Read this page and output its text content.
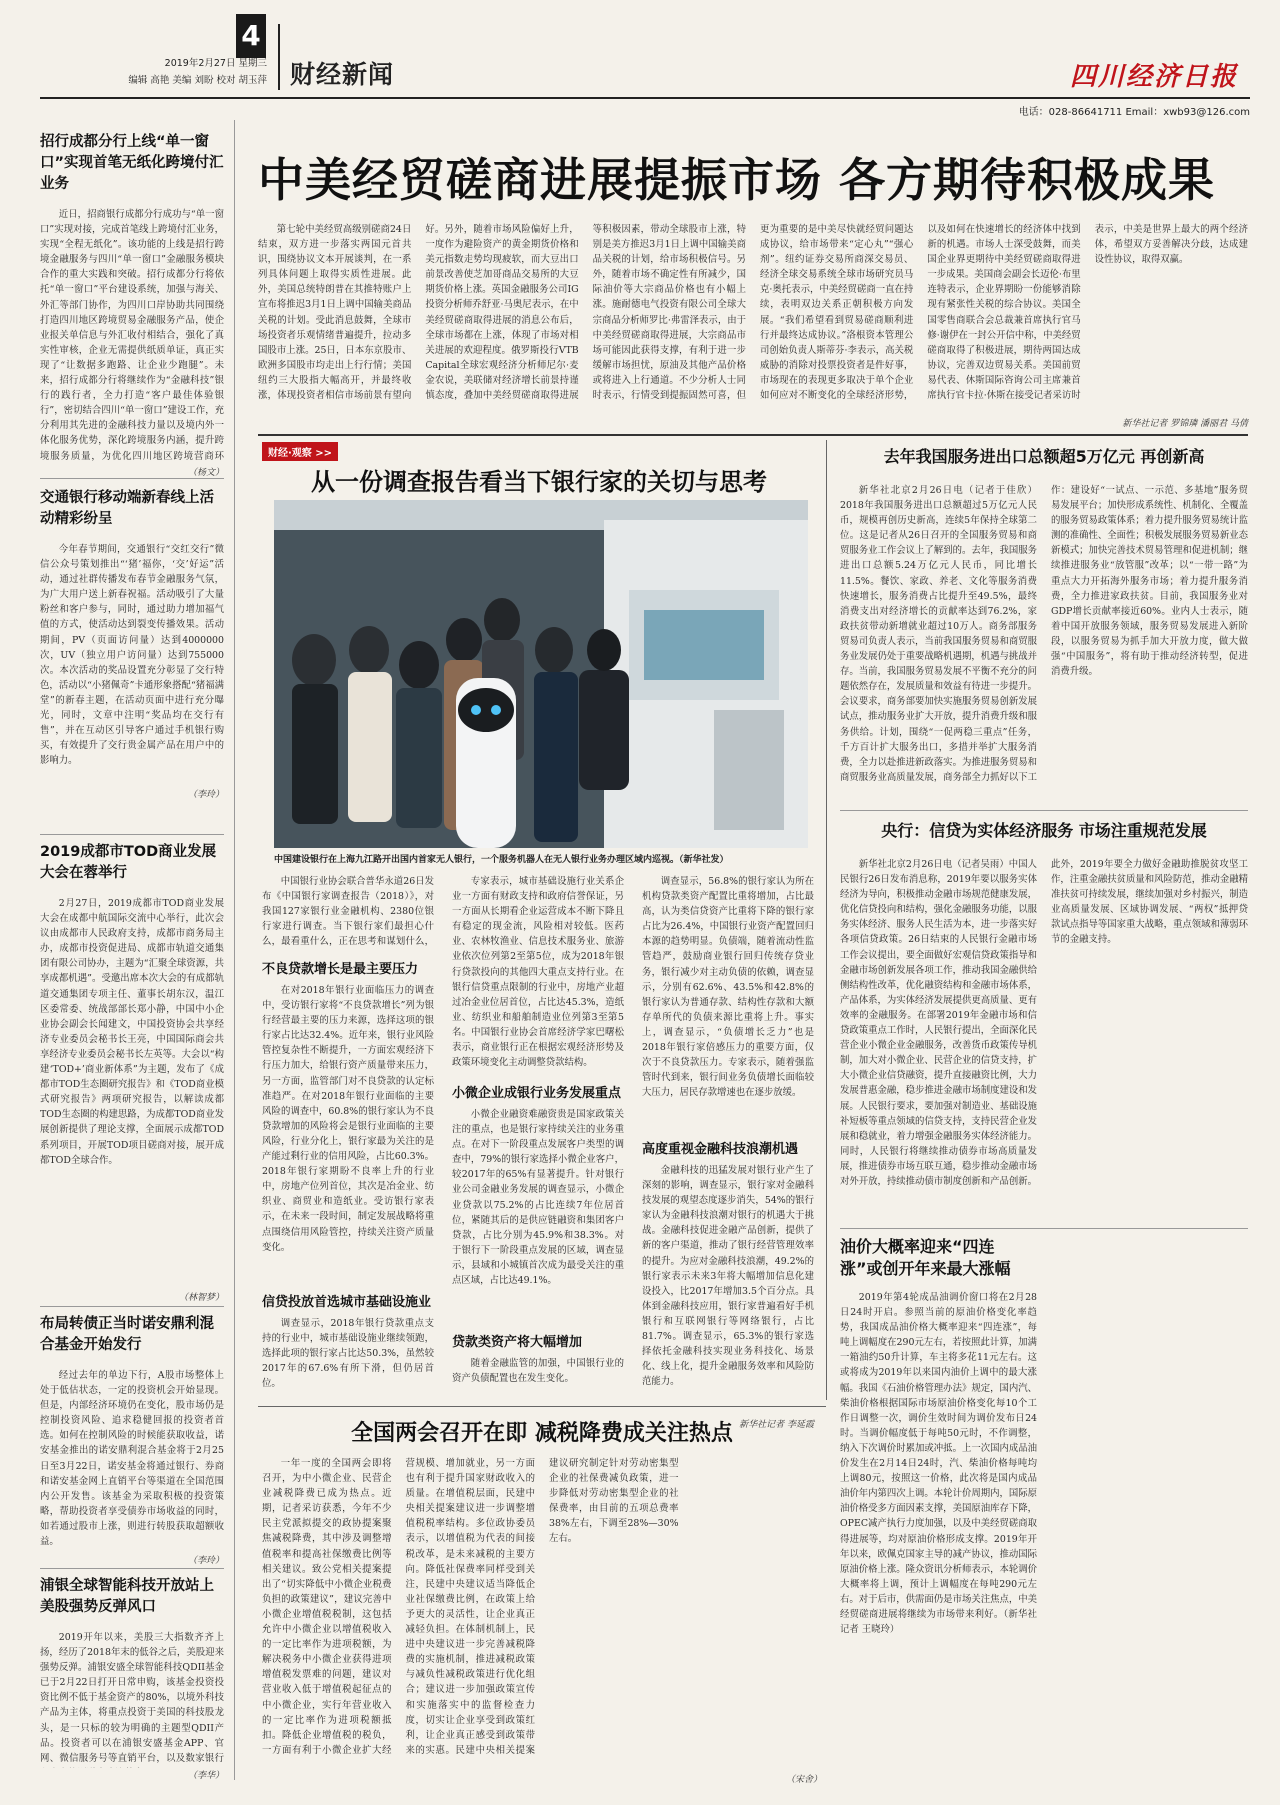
4
2019年2月27日 星期三
编辑 高艳 美编 刘盼 校对 胡玉萍 财经新闻	四川经济日报
电话：028-86641711 Email：xwb93@126.com
招行成都分行上线“单一窗口”实现首笔无纸化跨境付汇业务
近日，招商银行成都分行成功与“单一窗口”实现对接，完成首笔线上跨境付汇业务，实现“全程无纸化”。该功能的上线是招行跨境金融服务与四川“单一窗口”金融服务模块合作的重大实践和突破。招行成都分行将依托“单一窗口”平台建设系统，加强与海关、外汇等部门协作，为四川口岸协助共同围绕打造四川地区跨境贸易金融服务产品，使企业报关单信息与外汇收付相结合，强化了真实性审核，企业无需提供纸质单证，真正实现了“让数据多跑路、让企业少跑腿”。未来，招行成都分行将继续作为“金融科技”银行的践行者，全力打造“客户最佳体验银行”，密切结合四川“单一窗口”建设工作，充分利用其先进的金融科技力量以及境内外一体化服务优势，深化跨境服务内涵，提升跨境服务质量，为优化四川地区跨境营商环
（杨文）
交通银行移动端新春线上活动精彩纷呈
今年春节期间，交通银行“交红交行”微信公众号策划推出“‘猪’福你，‘交’好运”活动，通过社群传播发布春节金融服务气氛，为广大用户送上新春祝福。活动吸引了大量粉丝和客户参与，同时，通过助力增加福气值的方式，使活动达到裂变传播效果。活动期间，PV（页面访问量）达到4000000次，UV（独立用户访问量）达到755000次。本次活动的奖品设置充分彰显了交行特色，活动以“小猪佩奇”卡通形象搭配“猪福满堂”的新春主题，在活动页面中进行充分曝光，同时，文章中注明“奖品均在交行有售”，并在互动区引导客户通过手机银行购买，有效提升了交行贵金属产品在用户中的影响力。
（李玲）
2019成都市TOD商业发展大会在蓉举行
2月27日，2019成都市TOD商业发展大会在成都中航国际交流中心举行，此次会议由成都市人民政府支持，成都市商务局主办，成都市投资促进局、成都市轨道交通集团有限公司协办，主题为“汇聚全球资源，共享成都机遇”。受邀出席本次大会的有成都轨道交通集团专项主任、董事长胡东汉，温江区委常委、统战部部长郑小静，中国中小企业协会副会长闻建文，中国投资协会共享经济专业委员会秘书长王亮，中国国际商会共享经济专业委员会秘书长左英等。大会以“构建‘TOD+’商业新体系”为主题，发布了《成都市TOD生态圈研究报告》和《TOD商业模式研究报告》两项研究报告，以解读成都TOD生态圈的构建思路，为成都TOD商业发展创新提供了理论支撑，全面展示成都TOD系列项目，开展TOD项目磋商对接，展开成都TOD全球合作。
（林智梦）
布局转债正当时诺安鼎利混合基金开始发行
经过去年的单边下行，A股市场整体上处于低估状态，一定的投资机会开始显现。但是，内部经济环境仍在变化，股市场仍是控制投资风险、追求稳健回报的投资者首选。如何在控制风险的时候能获取收益，诺安基金推出的诺安鼎利混合基金将于2月25日至3月22日，诺安基金将通过银行、券商和诺安基金网上直销平台等渠道在全国范围内公开发售。该基金为采取积极的投资策略，帮助投资者享受债券市场收益的同时，如若通过股市上涨，则进行转股获取超额收益。
（李玲）
浦银全球智能科技开放站上美股强势反弹风口
2019开年以来，美股三大指数齐齐上扬，经历了2018年末的低谷之后，美股迎来强势反弹。浦银安盛全球智能科技QDII基金已于2月22日打开日常申购，该基金投资投资比例不低于基金资产的80%，以境外科技产品为主体，将重点投资于美国的科技股龙头，是一只标的较为明确的主题型QDII产品。投资者可以在浦银安盛基金APP、官网、微信服务号等直销平台，以及数家银行
（李华）
中美经贸磋商进展提振市场 各方期待积极成果
第七轮中美经贸高级别磋商24日结束，双方进一步落实两国元首共识，围绕协议文本开展谈判，在一系列具体问题上取得实质性进展。此外，美国总统特朗普在其推特账户上宣布将推迟3月1日上调中国输美商品关税的计划。受此消息鼓舞，全球市场投资者乐观情绪普遍提升，拉动多国股市上涨。25日，日本东京股市、欧洲多国股市均走出上行行情；美国纽约三大股指大幅高开，并最终收涨，体现投资者相信市场前景有望向好。另外，随着市场风险偏好上升，一度作为避险资产的黄金期货价格和美元指数走势均现疲软，而大豆出口前景改善使芝加哥商品交易所的大豆期货价格上涨。英国金融服务公司IG投资分析师乔舒亚·马奥尼表示，在中美经贸磋商取得进展的消息公布后，全球市场都在上涨，体现了市场对相关进展的欢迎程度。俄罗斯投行VTB Capital全球宏观经济分析师尼尔·麦金农说，美联储对经济增长前景持谨慎态度，叠加中美经贸磋商取得进展等积极因素，带动全球股市上涨，特别是美方推迟3月1日上调中国输美商品关税的计划，给市场积极信号。另外，随着市场不确定性有所减少，国际油价等大宗商品价格也有小幅上涨。施耐德电气投资有限公司全球大宗商品分析师罗比·弗雷泽表示，由于中美经贸磋商取得进展，大宗商品市场可能因此获得支撑，有利于进一步缓解市场担忧，原油及其他产品价格或将进入上行通道。不少分析人士同时表示，行情受到提振固然可喜，但更为重要的是中美尽快就经贸问题达成协议，给市场带来“定心丸”“强心剂”。纽约证券交易所商深交易员、经济全球交易系统全球市场研究员马克·奥托表示，中美经贸磋商一直在持续，表明双边关系正朝积极方向发展。“我们希望看到贸易磋商顺利进行并最终达成协议。”洛根资本管理公司创始负责人斯蒂芬·李表示，高关税威胁的消除对投票投资者是件好事，市场现在的表现更多取决于单个企业如何应对不断变化的全球经济形势，以及如何在快速增长的经济体中找到新的机遇。市场人士深受鼓舞，而美国企业界更期待中美经贸磋商取得进一步成果。美国商会副会长迈伦·布里连特表示，企业界期盼一份能够消除现有紧张性关税的综合协议。美国全国零售商联合会总裁兼首席执行官马修·谢伊在一封公开信中称，中美经贸磋商取得了积极进展，期待两国达成协议，完善双边贸易关系。美国前贸易代表、休斯国际咨询公司主席兼首席执行官卡拉·休斯在接受记者采访时表示，中美是世界上最大的两个经济体，希望双方妥善解决分歧，达成建设性协议，取得双赢。
新华社记者 罗锦璘 潘丽君 马倩
财经·观察 >>
从一份调查报告看当下银行家的关切与思考
中国建设银行在上海九江路开出国内首家无人银行，一个服务机器人在无人银行业务办理区域内巡视。（新华社发）
中国银行业协会联合普华永道26日发布《中国银行家调查报告（2018）》，对我国127家银行业金融机构、2380位银行家进行调查。当下银行家们最担心什么，最看重什么，正在思考和谋划什么，
不良贷款增长是最主要压力
在对2018年银行业面临压力的调查中，受访银行家将“不良贷款增长”列为银行经营最主要的压力来源，选择这项的银行家占比达32.4%。近年来，银行业风险管控复杂性不断提升，一方面宏观经济下行压力加大，给银行资产质量带来压力，另一方面，监管部门对不良贷款的认定标准趋严。在对2018年银行业面临的主要风险的调查中，60.8%的银行家认为不良贷款增加的风险将会是银行业面临的主要风险，行业分化上，银行家最为关注的是产能过剩行业的信用风险，占比60.3%。2018年银行家期盼不良率上升的行业中，房地产位列首位，其次是冶金业、纺织业、商贸业和造纸业。受访银行家表示，在未来一段时间，制定发展战略将重点围绕信用风险管控，持续关注资产质量变化。
信贷投放首选城市基础设施业
调查显示，2018年银行贷款重点支持的行业中，城市基础设施业继续领跑，选择此项的银行家占比达50.3%，虽然较2017年的67.6%有所下滑，但仍居首位。
专家表示，城市基础设施行业关系企业一方面有财政支持和政府信誉保证，另一方面从长期看企业运营成本不断下降且有稳定的现金流，风险相对较低。医药业、农林牧渔业、信息技术服务业、旅游业依次位列第2至第5位，成为2018年银行贷款投向的其他四大重点支持行业。在银行信贷重点限制的行业中，房地产业超过冶金业位居首位，占比达45.3%，造纸业、纺织业和船舶制造业位列第3至第5名。中国银行业协会首席经济学家巴曙松表示，商业银行正在根据宏观经济形势及政策环境变化主动调整贷款结构。
小微企业成银行业务发展重点
小微企业融资难融资贵是国家政策关注的重点，也是银行家持续关注的业务重点。在对下一阶段重点发展客户类型的调查中，79%的银行家选择小微企业客户，较2017年的65%有显著提升。针对银行业公司金融业务发展的调查显示，小微企业贷款以75.2%的占比连续7年位居首位，紧随其后的是供应链融资和集团客户贷款，占比分别为45.9%和38.3%。对于银行下一阶段重点发展的区域，调查显示，县域和小城镇首次成为最受关注的重点区域，占比达49.1%。
贷款类资产将大幅增加
随着金融监管的加强，中国银行业的资产负债配置也在发生变化。
调查显示，56.8%的银行家认为所在机构贷款类资产配置比重将增加，占比最高，认为类信贷资产比重将下降的银行家占比为26.4%，中国银行业资产配置回归本源的趋势明显。负债端，随着流动性监管趋严，鼓励商业银行回归传统存贷业务，银行减少对主动负债的依赖，调查显示，分别有62.6%、43.5%和42.8%的银行家认为普通存款、结构性存款和大额存单所代的负债来源比重将上升。事实上，调查显示，“负债增长乏力”也是2018年银行家倍感压力的重要方面，仅次于不良贷款压力。专家表示，随着强监管时代到来，银行间业务负债增长面临较大压力，居民存款增速也在逐步放缓。
高度重视金融科技浪潮机遇
金融科技的迅猛发展对银行业产生了深刻的影响，调查显示，银行家对金融科技发展的观望态度逐步消失，54%的银行家认为金融科技浪潮对银行的机遇大于挑战。金融科技促进金融产品创新，提供了新的客户渠道，推动了银行经营管理效率的提升。为应对金融科技浪潮，49.2%的银行家表示未来3年将大幅增加信息化建设投入，比2017年增加3.5个百分点。具体到金融科技应用，银行家普遍看好手机银行和互联网银行等网络银行，占比81.7%。调查显示，65.3%的银行家选择依托金融科技实现业务科技化、场景化、线上化，提升金融服务效率和风险防范能力。
新华社记者 李延霞
去年我国服务进出口总额超5万亿元 再创新高
新华社北京2月26日电（记者于佳欣）2018年我国服务进出口总额超过5万亿元人民币，规模再创历史新高，连续5年保持全球第二位。这是记者从26日召开的全国服务贸易和商贸服务业工作会议上了解到的。去年，我国服务进出口总额5.24万亿元人民币，同比增长11.5%。餐饮、家政、养老、文化等服务消费快速增长，服务消费占比提升至49.5%，最终消费支出对经济增长的贡献率达到76.2%，家政扶贫带动新增就业超过10万人。商务部服务贸易司负责人表示，当前我国服务贸易和商贸服务业发展仍处于重要战略机遇期，机遇与挑战并存。当前，我国服务贸易发展不平衡不充分的问题依然存在，发展质量和效益有待进一步提升。会议要求，商务部要加快实施服务贸易创新发展试点，推动服务业扩大开放，提升消费升级和服务供给。计划，围绕“一促两稳三重点”任务，千方百计扩大服务出口，多措并举扩大服务消费，全力以赴推进新政落实。为推进服务贸易和商贸服务业高质量发展，商务部全力抓好以下工作：建设好“一试点、一示范、多基地”服务贸易发展平台；加快形成系统性、机制化、全覆盖的服务贸易政策体系；着力提升服务贸易统计监测的准确性、全面性；积极发展服务贸易新业态新模式；加快完善技术贸易管理和促进机制；继续推进服务业“放管服”改革；以“一带一路”为重点大力开拓海外服务市场；着力提升服务消费，全力推进家政扶贫。目前，我国服务业对GDP增长贡献率接近60%。业内人士表示，随着中国开放服务领域，服务贸易发展进入新阶段，以服务贸易为抓手加大开放力度，做大做强“中国服务”，将有助于推动经济转型，促进消费升级。
央行：信贷为实体经济服务 市场注重规范发展
新华社北京2月26日电（记者吴雨）中国人民银行26日发布消息称，2019年要以服务实体经济为导向，积极推动金融市场规范健康发展，优化信贷投向和结构，强化金融服务功能，以服务实体经济、服务人民生活为本，进一步落实好各项信贷政策。26日结束的人民银行金融市场工作会议提出，要全面做好宏观信贷政策指导和金融市场创新发展各项工作，推动我国金融供给侧结构性改革，优化融资结构和金融市场体系，产品体系，为实体经济发展提供更高质量、更有效率的金融服务。在部署2019年金融市场和信贷政策重点工作时，人民银行提出，全面深化民营企业小微企业金融服务，改善货币政策传导机制，加大对小微企业、民营企业的信贷支持，扩大小微企业信贷融资，提升直接融资比例，大力发展普惠金融，稳步推进金融市场制度建设和发展。人民银行要求，要加强对制造业、基础设施补短板等重点领域的信贷支持，支持民营企业发展和稳就业，着力增强金融服务实体经济能力。同时，人民银行将继续推动债券市场高质量发展，推进债券市场互联互通，稳步推动金融市场对外开放，持续推动债市制度创新和产品创新。此外，2019年要全力做好金融助推脱贫攻坚工作，注重金融扶贫质量和风险防范，推动金融精准扶贫可持续发展，继续加强对乡村振兴，制造业高质量发展、区域协调发展、“两权”抵押贷款试点指导等国家重大战略，重点领域和薄弱环节的金融支持。
油价大概率迎来“四连涨”或创开年来最大涨幅
2019年第4轮成品油调价窗口将在2月28日24时开启。参照当前的原油价格变化率趋势，我国成品油价格大概率迎来“四连涨”，每吨上调幅度在290元左右，若按照此计算，加满一箱油约50升计算，车主将多花11元左右。这或将成为2019年以来国内油价上调中的最大涨幅。我国《石油价格管理办法》规定，国内汽、柴油价格根据国际市场原油价格变化每10个工作日调整一次，调价生效时间为调价发布日24时。当调价幅度低于每吨50元时，不作调整，纳入下次调价时累加或冲抵。上一次国内成品油价发生在2月14日24时，汽、柴油价格每吨均上调80元，按照这一价格，此次将是国内成品油价年内第四次上调。本轮计价周期内，国际原油价格受多方面因素支撑，美国原油库存下降，OPEC减产执行力度加强，以及中美经贸磋商取得进展等，均对原油价格形成支撑。2019年开年以来，欧佩克国家主导的减产协议，推动国际原油价格上涨。隆众资讯分析师表示，本轮调价大概率将上调，预计上调幅度在每吨290元左右。对于后市，供需面仍是市场关注焦点，中美经贸磋商进展将继续为市场带来利好。（新华社记者 王晓玲）
全国两会召开在即 减税降费成关注热点
一年一度的全国两会即将召开，为中小微企业、民营企业减税降费已成为热点。近期，记者采访获悉，今年不少民主党派拟提交的政协提案聚焦减税降费，其中涉及调整增值税率和提高社保缴费比例等相关建议。致公党相关提案提出了“切实降低中小微企业税费负担的政策建议”，建议完善中小微企业增值税税制，这包括允许中小微企业以增值税收入的一定比率作为进项税额，为解决税务中小微企业获得进项增值税发票难的问题，建议对营业收入低于增值税起征点的中小微企业，实行年营业收入的一定比率作为进项税额抵扣。降低企业增值税的税负，一方面有利于小微企业扩大经营规模、增加就业，另一方面也有利于提升国家财政收入的质量。在增值税层面，民建中央相关提案建议进一步调整增值税税率结构。多位政协委员表示，以增值税为代表的间接税改革，是未来减税的主要方向。降低社保费率同样受到关注，民建中央建议适当降低企业社保缴费比例，在政策上给予更大的灵活性，让企业真正减轻负担。在体制机制上，民进中央建议进一步完善减税降费的实施机制，推进减税政策与减负性减税政策进行优化组合；建议进一步加强政策宣传和实施落实中的监督检查力度，切实让企业享受到政策红利，让企业真正感受到政策带来的实惠。民建中央相关提案建议研究制定针对劳动密集型企业的社保费减负政策，进一步降低对劳动密集型企业的社保费率，由目前的五项总费率38%左右，下调至28%—30%左右。
（宋舍）
